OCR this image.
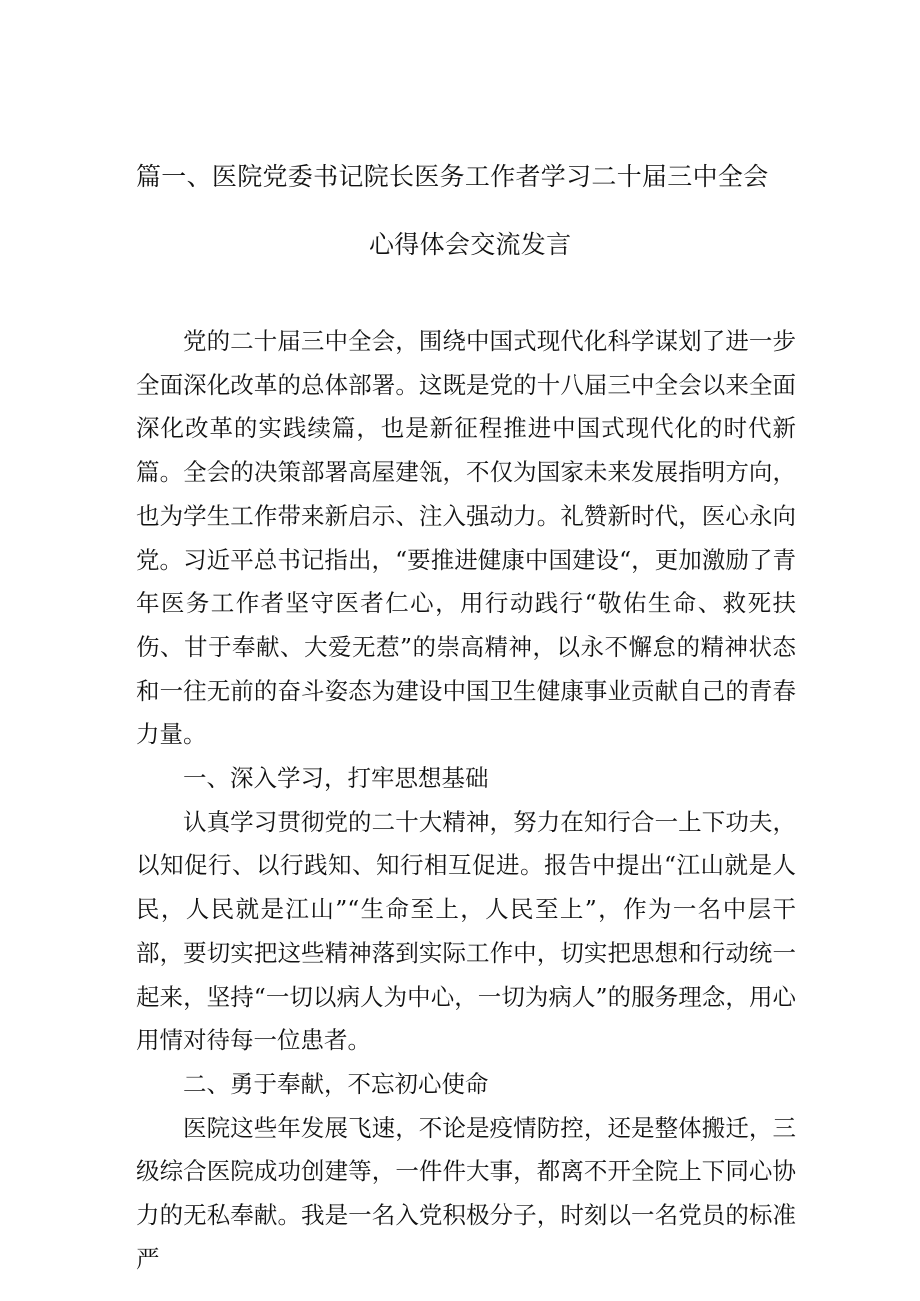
篇一、医院党委书记院长医务工作者学习二十届三中全会
心得体会交流发言

党的二十届三中全会，围绕中国式现代化科学谋划了进一步全面深化改革的总体部署。这既是党的十八届三中全会以来全面深化改革的实践续篇，也是新征程推进中国式现代化的时代新篇。全会的决策部署高屋建瓴，不仅为国家未来发展指明方向，也为学生工作带来新启示、注入强动力。礼赞新时代，医心永向党。习近平总书记指出，“要推进健康中国建设“，更加激励了青年医务工作者坚守医者仁心，用行动践行“敬佑生命、救死扶伤、甘于奉献、大爱无惹”的崇高精神，以永不懈怠的精神状态和一往无前的奋斗姿态为建设中国卫生健康事业贡献自己的青春力量。

一、深入学习，打牢思想基础

认真学习贯彻党的二十大精神，努力在知行合一上下功夫，以知促行、以行践知、知行相互促进。报告中提出“江山就是人民，人民就是江山”“生命至上，人民至上”，作为一名中层干部，要切实把这些精神落到实际工作中，切实把思想和行动统一起来，坚持“一切以病人为中心，一切为病人”的服务理念，用心用情对待每一位患者。

二、勇于奉献，不忘初心使命

医院这些年发展飞速，不论是疫情防控，还是整体搬迁，三级综合医院成功创建等，一件件大事，都离不开全院上下同心协力的无私奉献。我是一名入党积极分子，时刻以一名党员的标准严
